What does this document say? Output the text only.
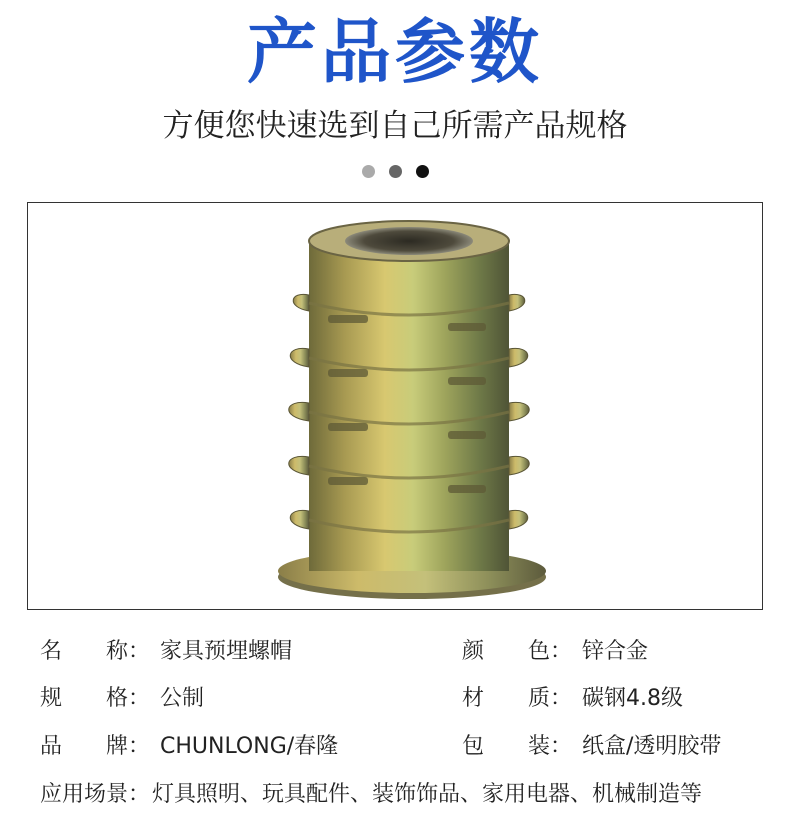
产品参数
方便您快速选到自己所需产品规格
名　　称： 家具预埋螺帽	颜　　色： 锌合金
规　　格： 公制	材　　质： 碳钢4.8级
品　　牌： CHUNLONG/春隆	包　　装： 纸盒/透明胶带
应用场景： 灯具照明、玩具配件、装饰饰品、家用电器、机械制造等
